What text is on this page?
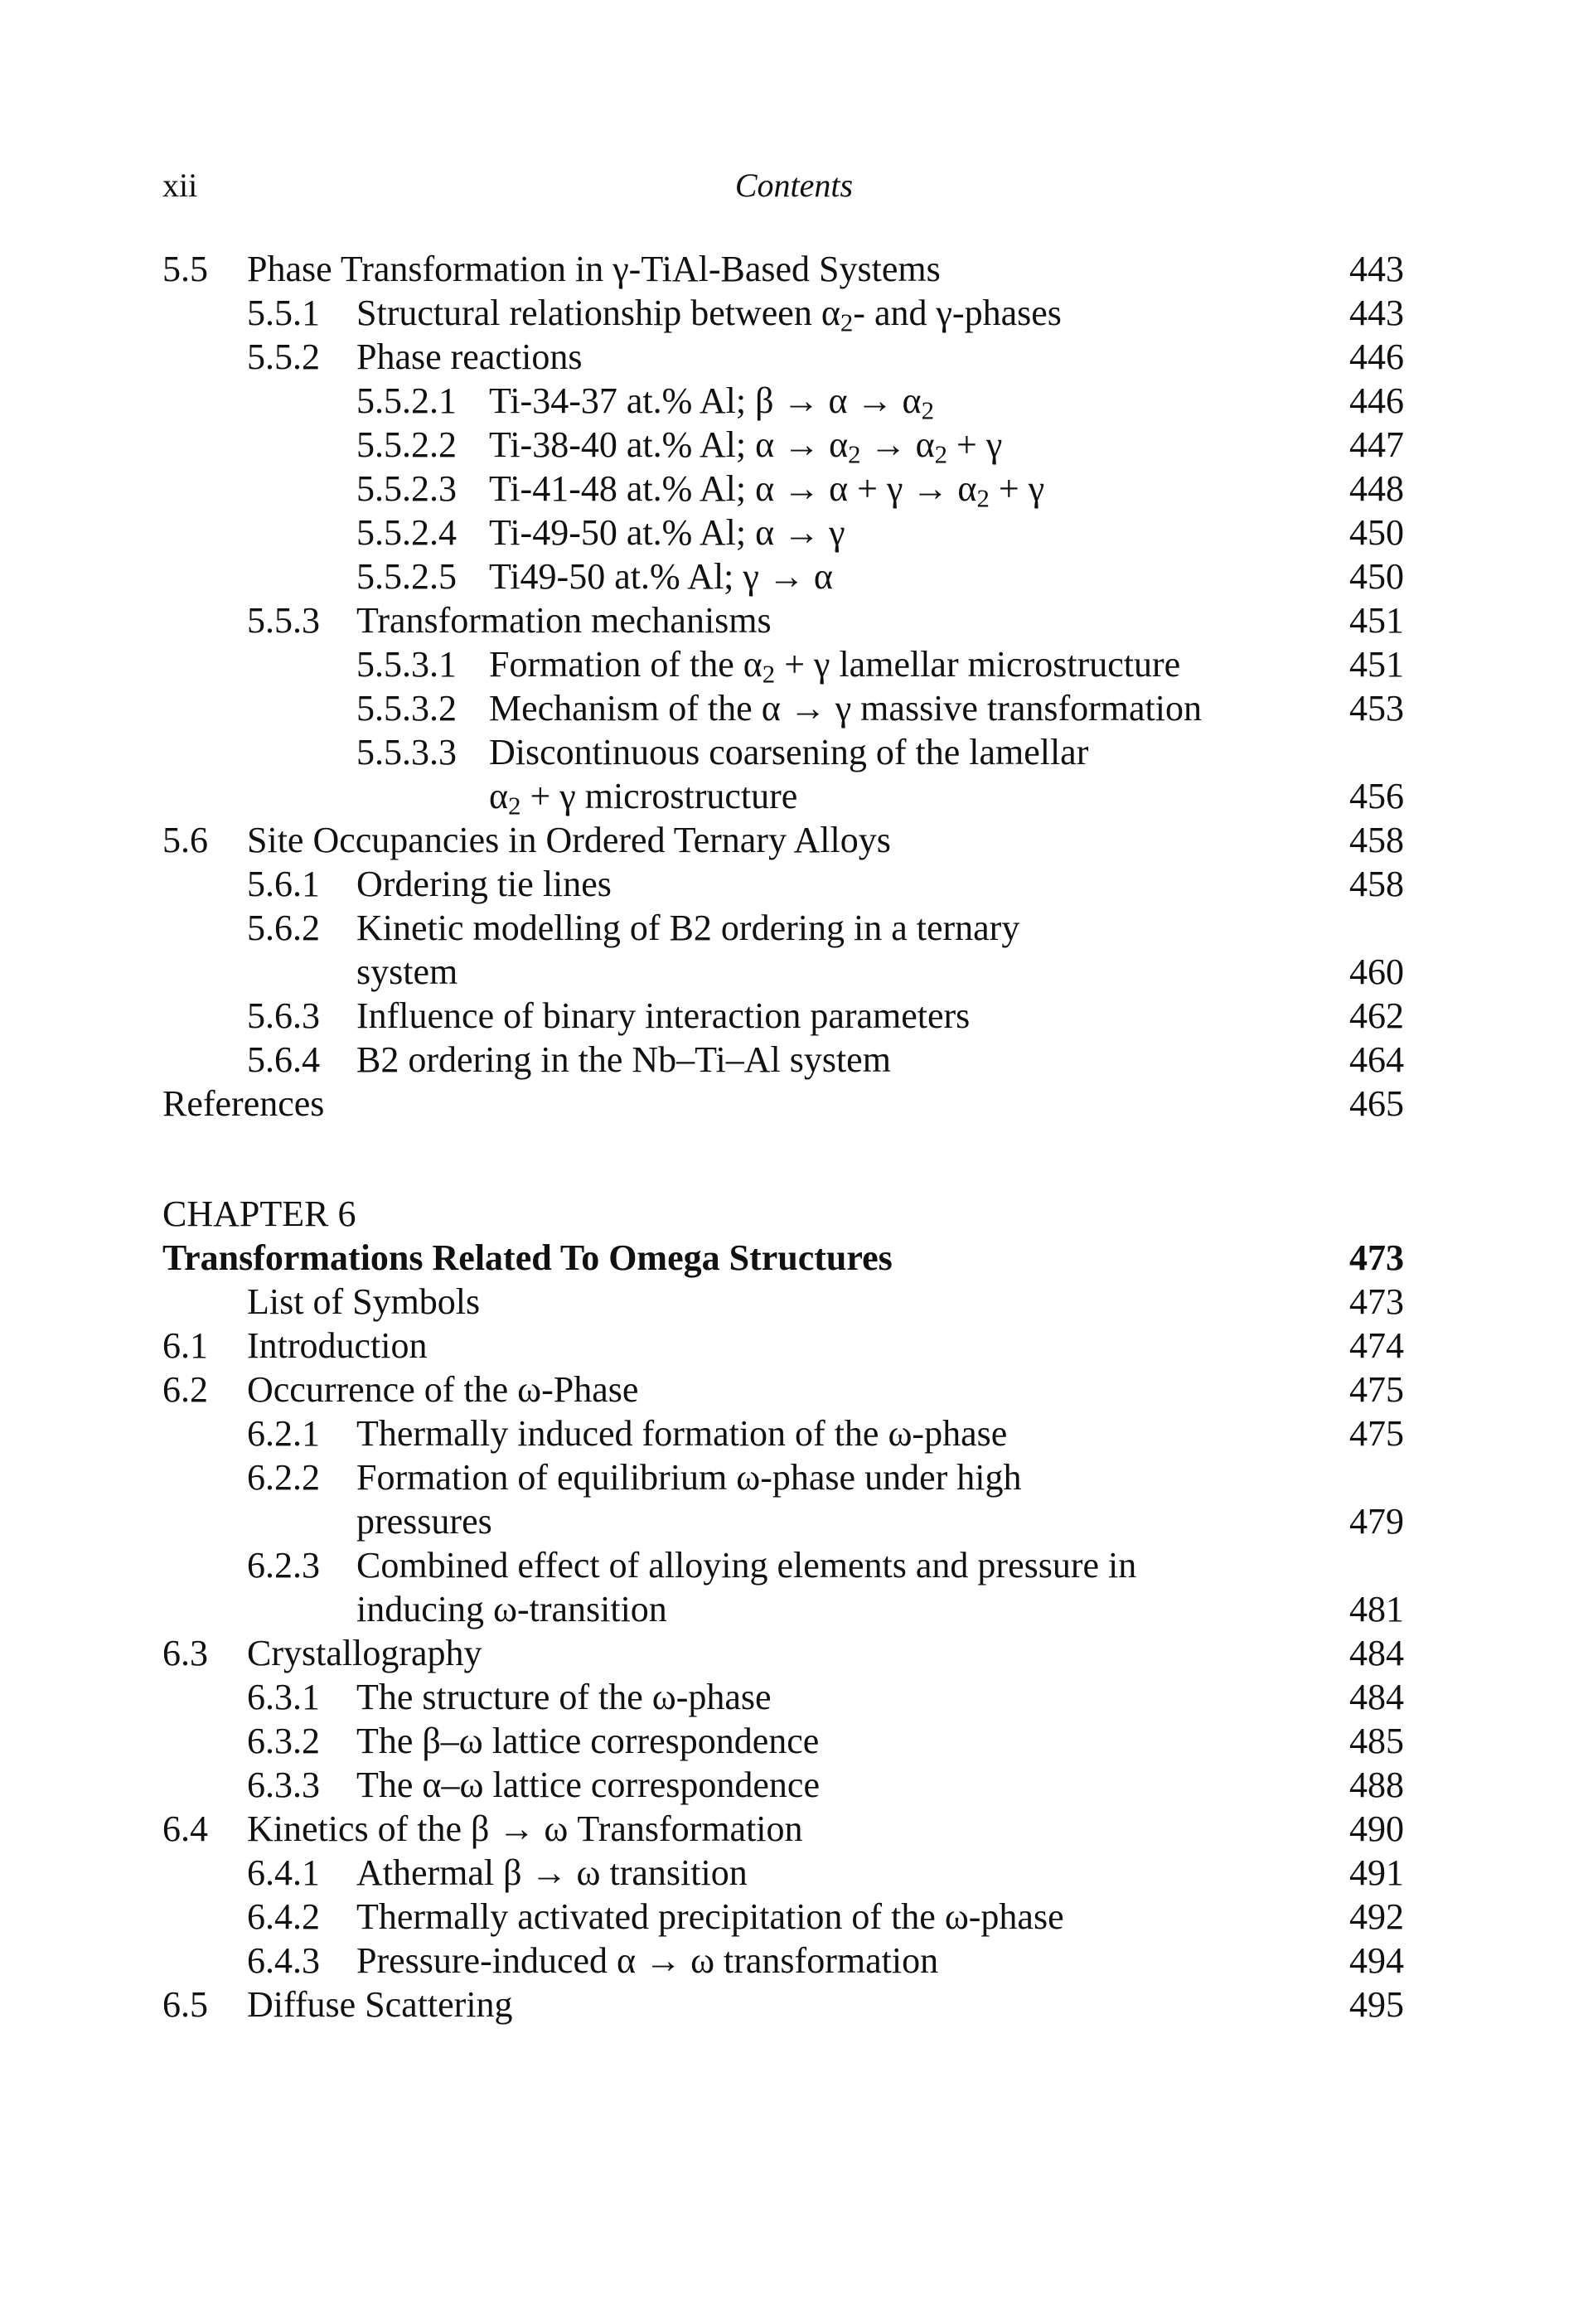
xii	Contents
5.5 Phase Transformation in γ-TiAl-Based Systems	443
5.5.1 Structural relationship between $\alpha_2-$ and γ-phases	443
5.5.2 Phase reactions	446
5.5.2.1 Ti-34-37 at.% Al; $\beta \to \alpha \to \alpha_2$	446
5.5.2.2 Ti-38-40 at.% Al; $\alpha \to \alpha_2 \to \alpha_2 + \gamma$	447
5.5.2.3 Ti-41-48 at.% Al; $\alpha \to \alpha + \gamma \to \alpha_2 + \gamma$	448
5.5.2.4 Ti-49-50 at.% Al; α → γ	450
5.5.2.5 Ti49-50 at.% Al; γ → α	450
5.5.3 Transformation mechanisms	451
5.5.3.1 Formation of the $\alpha_2 + \gamma$ lamellar microstructure	451
5.5.3.2 Mechanism of the α → γ massive transformation	453
5.5.3.3 Discontinuous coarsening of the lamellar
$\alpha_2 + \gamma$ microstructure	456
5.6 Site Occupancies in Ordered Ternary Alloys	458
5.6.1 Ordering tie lines	458
5.6.2 Kinetic modelling of B2 ordering in a ternary
system	460
5.6.3 Influence of binary interaction parameters	462
5.6.4 B2 ordering in the Nb–Ti–Al system	464
References	465
CHAPTER 6
Transformations Related To Omega Structures	473
List of Symbols	473
6.1 Introduction	474
6.2 Occurrence of the ω-Phase	475
6.2.1 Thermally induced formation of the ω-phase	475
6.2.2 Formation of equilibrium ω-phase under high
pressures	479
6.2.3 Combined effect of alloying elements and pressure in
inducing ω-transition	481
6.3 Crystallography	484
6.3.1 The structure of the ω-phase	484
6.3.2 The β–ω lattice correspondence	485
6.3.3 The α–ω lattice correspondence	488
6.4 Kinetics of the β → ω Transformation	490
6.4.1 Athermal β → ω transition	491
6.4.2 Thermally activated precipitation of the ω-phase	492
6.4.3 Pressure-induced α → ω transformation	494
6.5 Diffuse Scattering	495
